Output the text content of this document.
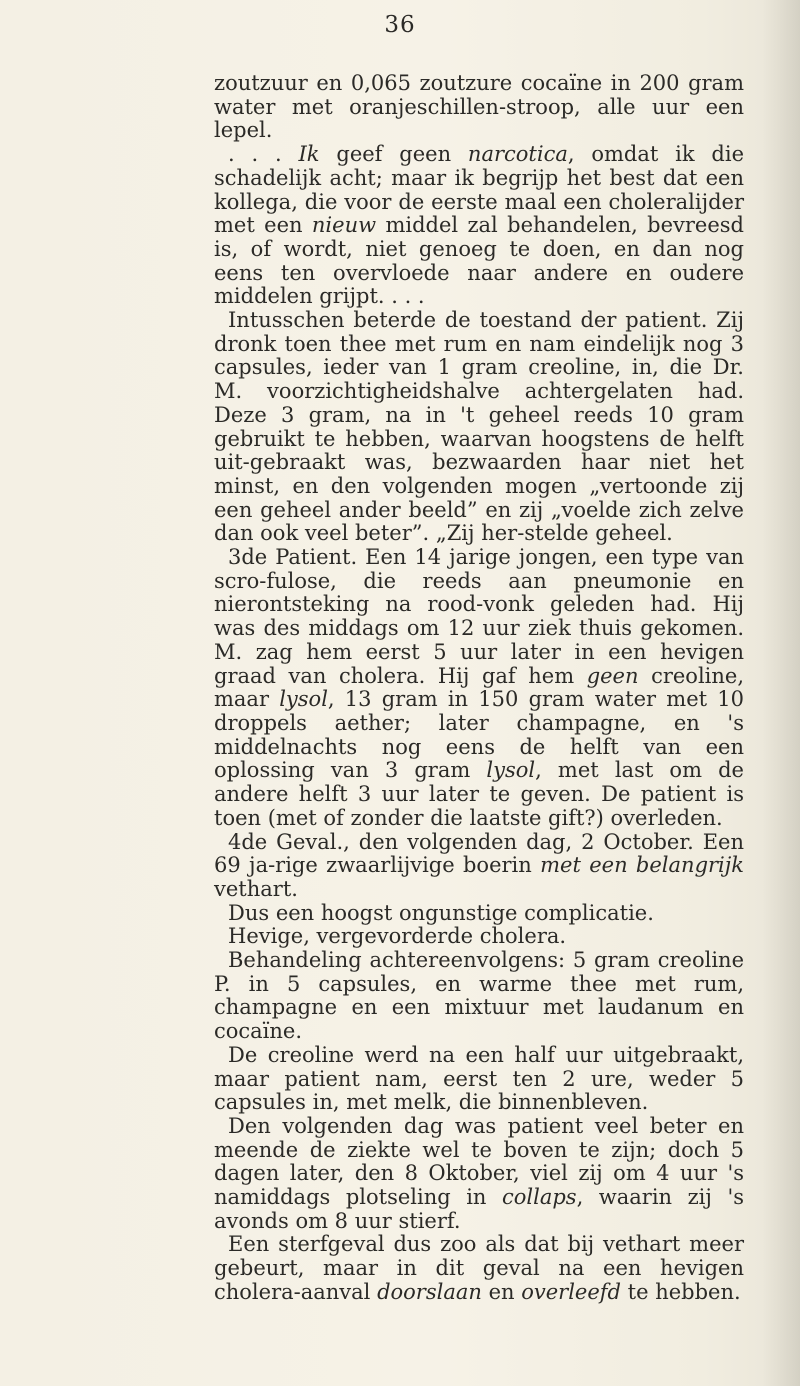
36

zoutzuur en 0,065 zoutzure cocaïne in 200 gram water met oranjeschillen-stroop, alle uur een lepel.

. . . Ik geef geen narcotica, omdat ik die schadelijk acht; maar ik begrijp het best dat een kollega, die voor de eerste maal een choleralijder met een nieuw middel zal behandelen, bevreesd is, of wordt, niet genoeg te doen, en dan nog eens ten overvloede naar andere en oudere middelen grijpt. . . .

Intusschen beterde de toestand der patient. Zij dronk toen thee met rum en nam eindelijk nog 3 capsules, ieder van 1 gram creoline, in, die Dr. M. voorzichtigheidshalve achtergelaten had. Deze 3 gram, na in 't geheel reeds 10 gram gebruikt te hebben, waarvan hoogstens de helft uit-gebraakt was, bezwaarden haar niet het minst, en den volgenden mogen „vertoonde zij een geheel ander beeld” en zij „voelde zich zelve dan ook veel beter”. „Zij her-stelde geheel.

3de Patient. Een 14 jarige jongen, een type van scro-fulose, die reeds aan pneumonie en nierontsteking na rood-vonk geleden had. Hij was des middags om 12 uur ziek thuis gekomen. M. zag hem eerst 5 uur later in een hevigen graad van cholera. Hij gaf hem geen creoline, maar lysol, 13 gram in 150 gram water met 10 droppels aether; later champagne, en 's middelnachts nog eens de helft van een oplossing van 3 gram lysol, met last om de andere helft 3 uur later te geven. De patient is toen (met of zonder die laatste gift?) overleden.

4de Geval., den volgenden dag, 2 October. Een 69 ja-rige zwaarlijvige boerin met een belangrijk vethart.

Dus een hoogst ongunstige complicatie.

Hevige, vergevorderde cholera.

Behandeling achtereenvolgens: 5 gram creoline P. in 5 capsules, en warme thee met rum, champagne en een mixtuur met laudanum en cocaïne.

De creoline werd na een half uur uitgebraakt, maar patient nam, eerst ten 2 ure, weder 5 capsules in, met melk, die binnenbleven.

Den volgenden dag was patient veel beter en meende de ziekte wel te boven te zijn; doch 5 dagen later, den 8 Oktober, viel zij om 4 uur 's namiddags plotseling in collaps, waarin zij 's avonds om 8 uur stierf.

Een sterfgeval dus zoo als dat bij vethart meer gebeurt, maar in dit geval na een hevigen cholera-aanval doorslaan en overleefd te hebben.
